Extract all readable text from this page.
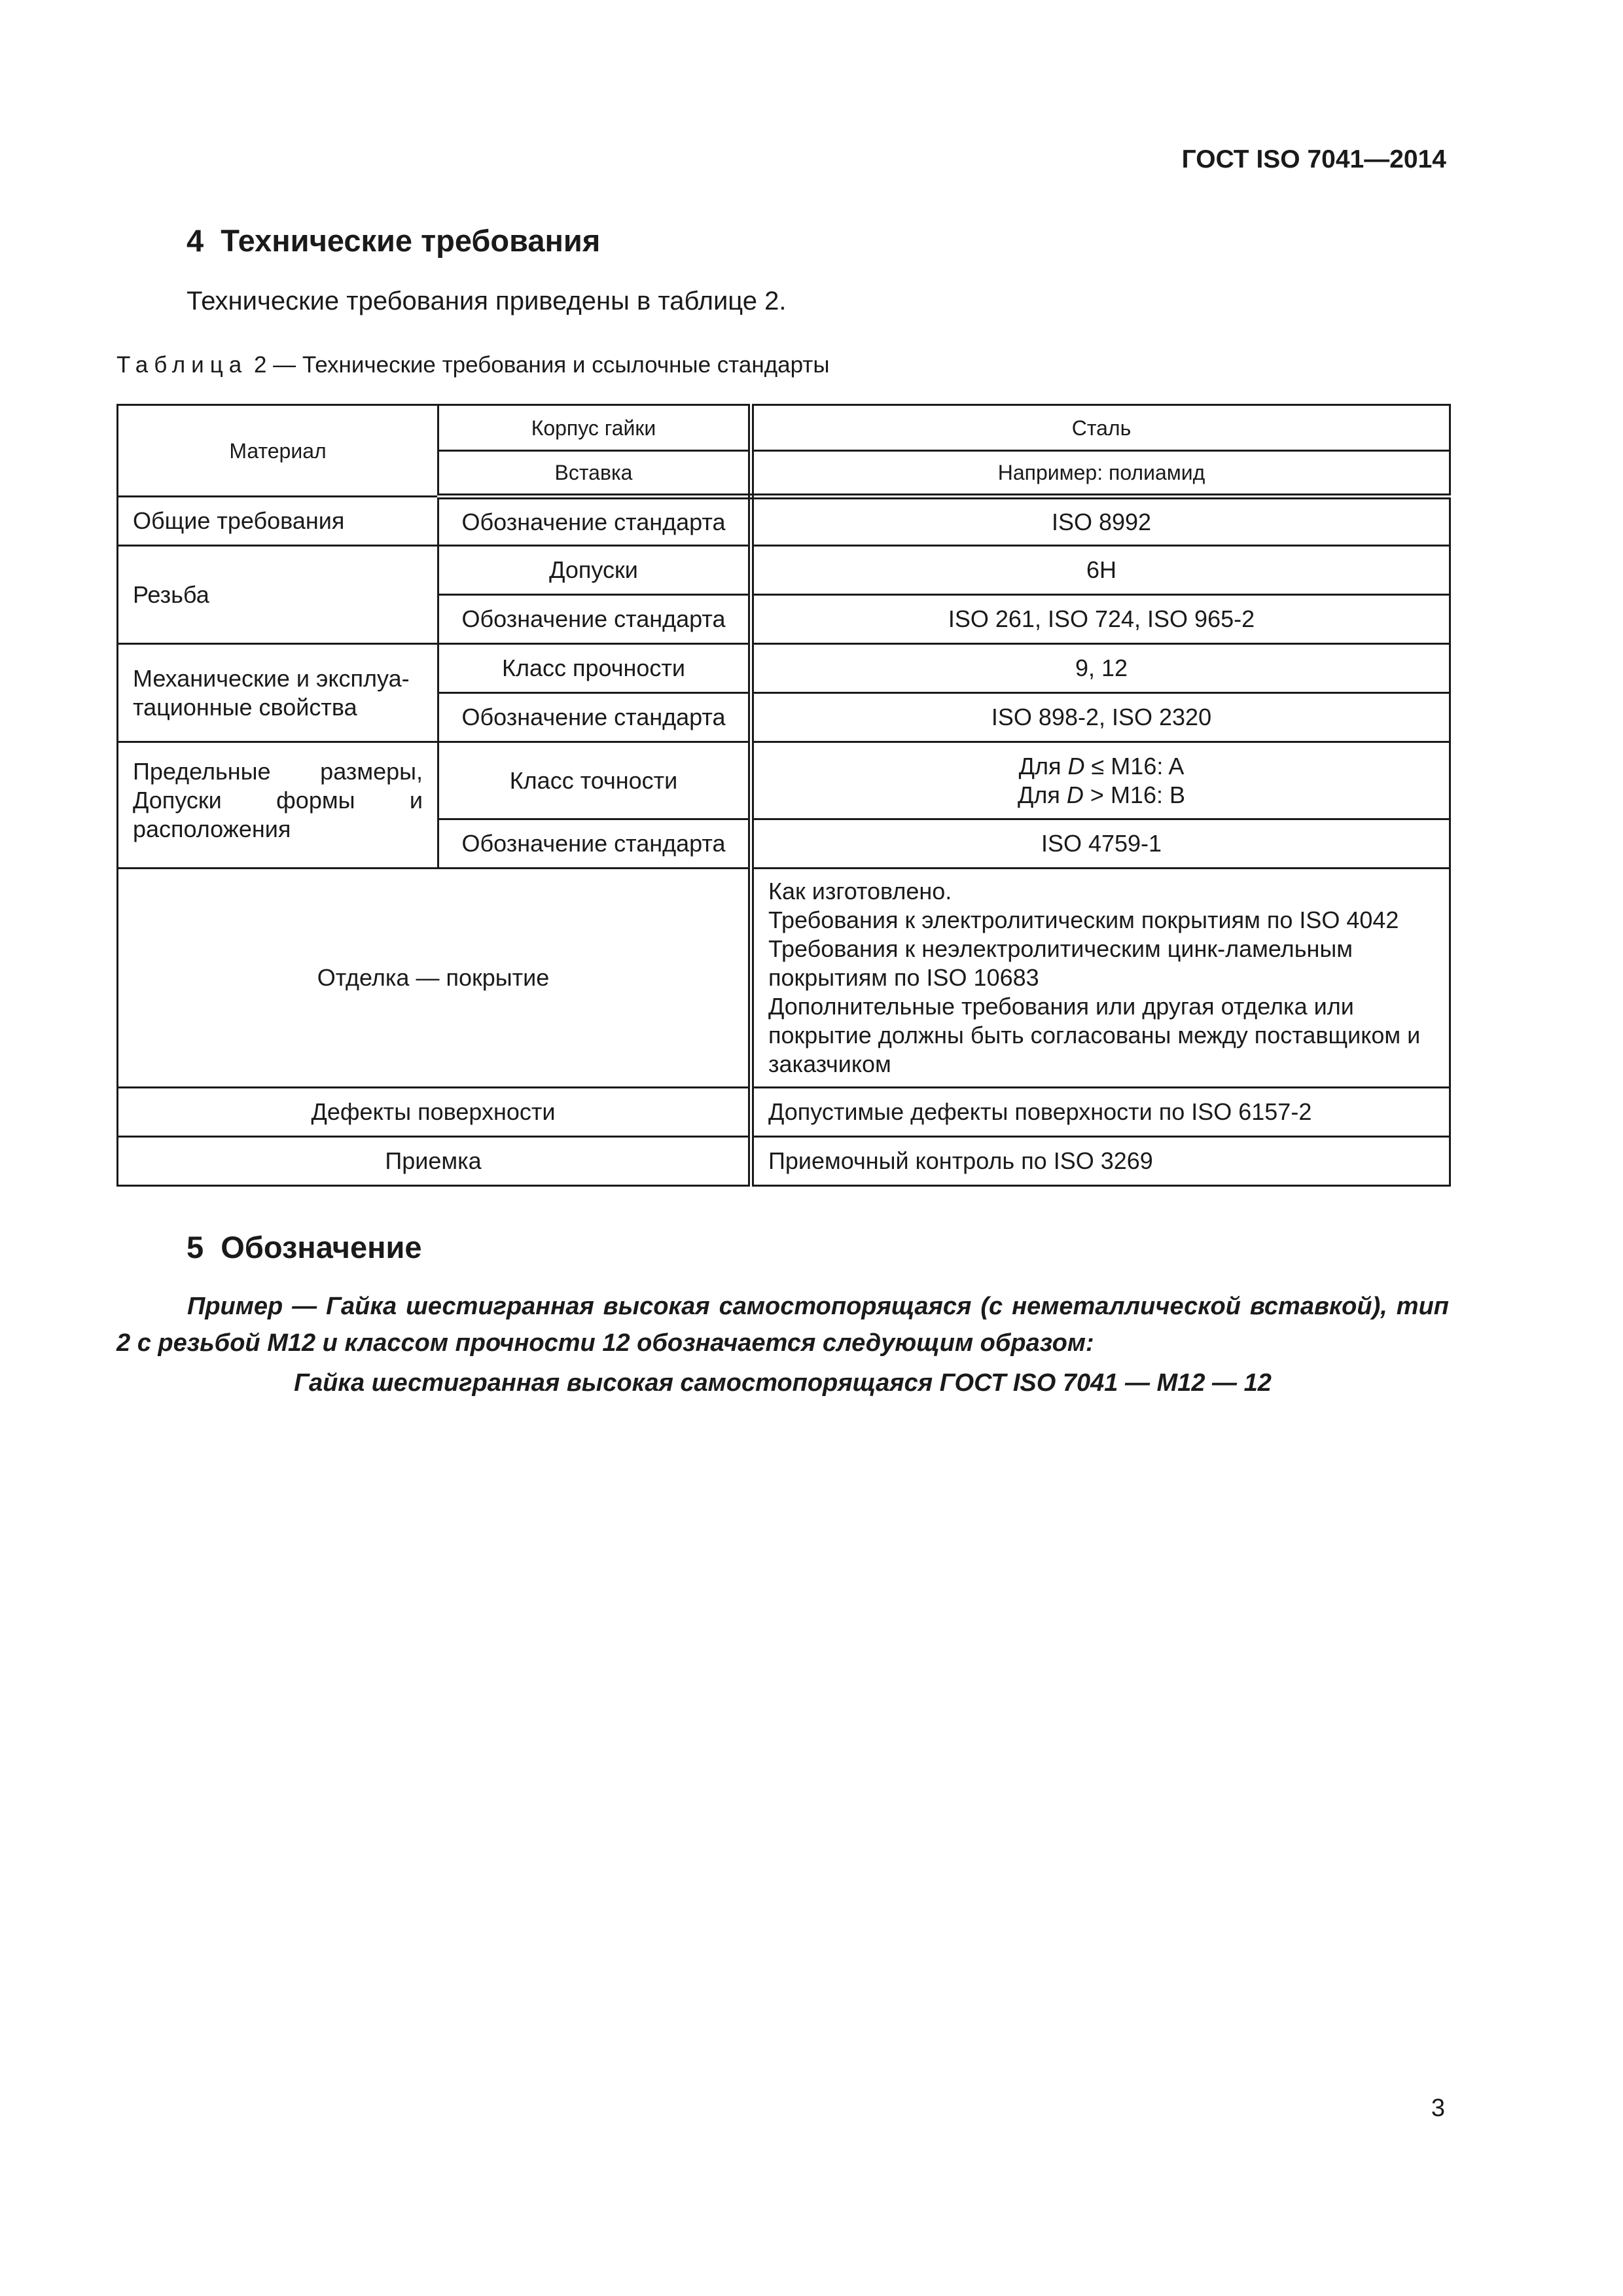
ГОСТ ISO 7041—2014
4 Технические требования
Технические требования приведены в таблице 2.
Таблица 2 — Технические требования и ссылочные стандарты
Материал	Корпус гайки	Сталь
	Вставка	Например: полиамид
Общие требования	Обозначение стандарта	ISO 8992
Резьба	Допуски	6H
	Обозначение стандарта	ISO 261, ISO 724, ISO 965-2
Механические и эксплуа-тационные свойства	Класс прочности	9, 12
	Обозначение стандарта	ISO 898-2, ISO 2320
Предельные размеры, Допуски формы и расположения	Класс точности	Для D ≤ M16: A
Для D > M16: B

	Обозначение стандарта	ISO 4759-1
Отделка — покрытие		Как изготовлено.
Требования к электролитическим покрытиям по ISO 4042
Требования к неэлектролитическим цинк-ламельным покрытиям по ISO 10683
Дополнительные требования или другая отделка или покрытие должны быть согласованы между поставщиком и заказчиком

Дефекты поверхности		Допустимые дефекты поверхности по ISO 6157-2
Приемка		Приемочный контроль по ISO 3269
5 Обозначение
Пример — Гайка шестигранная высокая самостопорящаяся (с неметаллической вставкой), тип 2 с резьбой M12 и классом прочности 12 обозначается следующим образом:
Гайка шестигранная высокая самостопорящаяся ГОСТ ISO 7041 — M12 — 12
3
